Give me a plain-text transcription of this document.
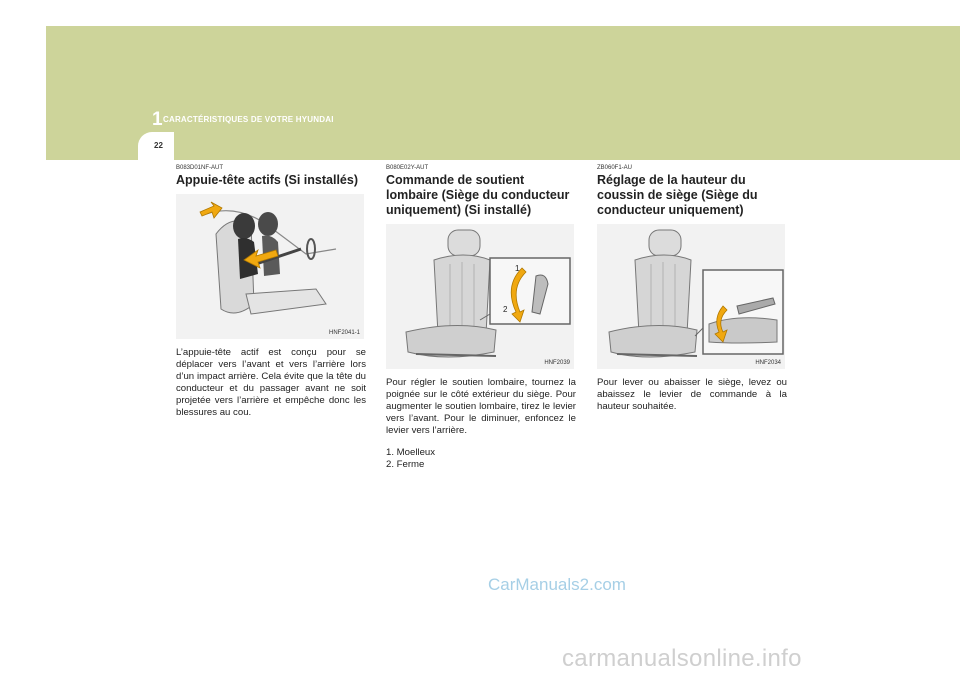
1 CARACTÉRISTIQUES DE VOTRE HYUNDAI
22
B083D01NF-AUT
Appuie-tête actifs (Si installés)
HNF2041-1

L’appuie-tête actif est conçu pour se déplacer vers l’avant et vers l’arrière lors d’un impact arrière. Cela évite que la tête du conducteur et du passager avant ne soit projetée vers l’arrière et empêche donc les blessures au cou.

B080E02Y-AUT
Commande de soutient lombaire (Siège du conducteur uniquement) (Si installé)
1
2
HNF2039

Pour régler le soutien lombaire, tournez la poignée sur le côté extérieur du siège. Pour augmenter le soutien lombaire, tirez le levier vers l’avant. Pour le diminuer, enfoncez le levier vers l’arrière.

1. Moelleux
2. Ferme
ZB060F1-AU
Réglage de la hauteur du coussin de siège (Siège du conducteur uniquement)
HNF2034

Pour lever ou abaisser le siège, levez ou abaissez le levier de commande à la hauteur souhaitée.

CarManuals2.com
carmanualsonline.info
